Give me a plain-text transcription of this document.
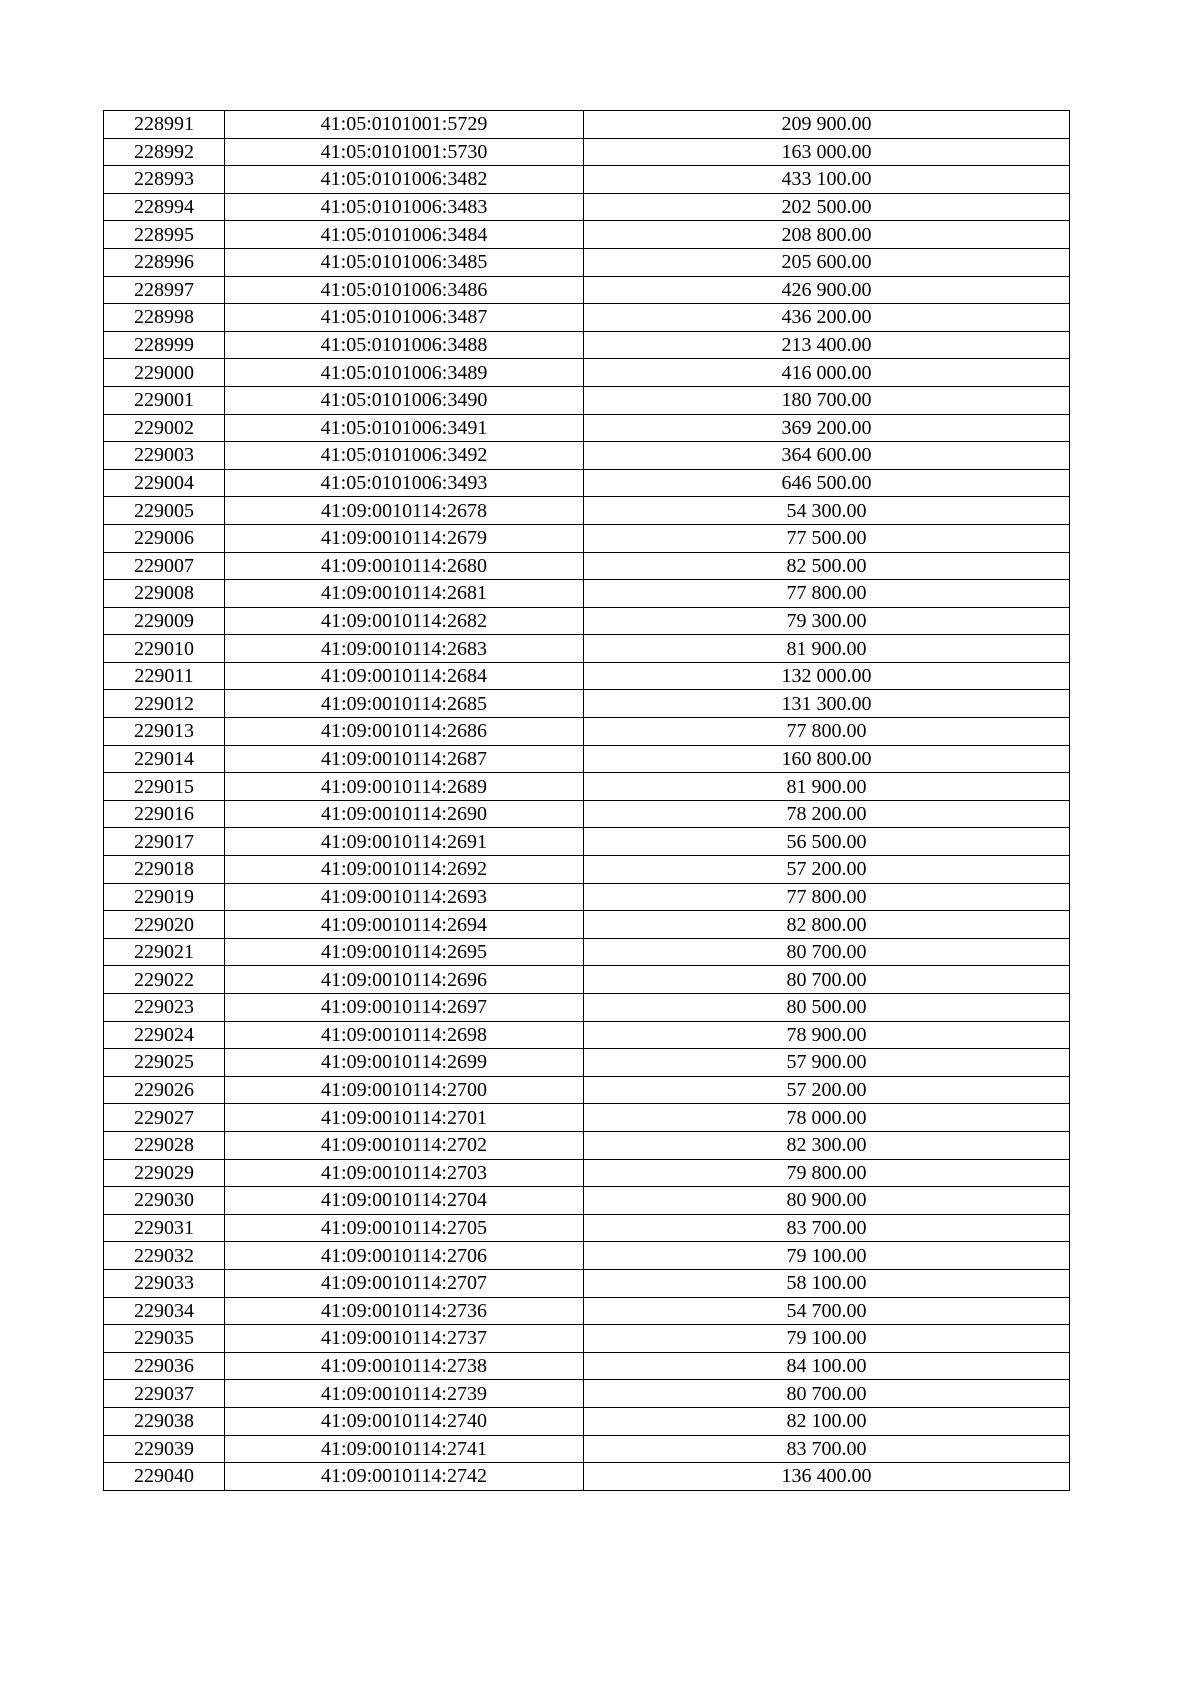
228991	41:05:0101001:5729	209 900.00
228992	41:05:0101001:5730	163 000.00
228993	41:05:0101006:3482	433 100.00
228994	41:05:0101006:3483	202 500.00
228995	41:05:0101006:3484	208 800.00
228996	41:05:0101006:3485	205 600.00
228997	41:05:0101006:3486	426 900.00
228998	41:05:0101006:3487	436 200.00
228999	41:05:0101006:3488	213 400.00
229000	41:05:0101006:3489	416 000.00
229001	41:05:0101006:3490	180 700.00
229002	41:05:0101006:3491	369 200.00
229003	41:05:0101006:3492	364 600.00
229004	41:05:0101006:3493	646 500.00
229005	41:09:0010114:2678	54 300.00
229006	41:09:0010114:2679	77 500.00
229007	41:09:0010114:2680	82 500.00
229008	41:09:0010114:2681	77 800.00
229009	41:09:0010114:2682	79 300.00
229010	41:09:0010114:2683	81 900.00
229011	41:09:0010114:2684	132 000.00
229012	41:09:0010114:2685	131 300.00
229013	41:09:0010114:2686	77 800.00
229014	41:09:0010114:2687	160 800.00
229015	41:09:0010114:2689	81 900.00
229016	41:09:0010114:2690	78 200.00
229017	41:09:0010114:2691	56 500.00
229018	41:09:0010114:2692	57 200.00
229019	41:09:0010114:2693	77 800.00
229020	41:09:0010114:2694	82 800.00
229021	41:09:0010114:2695	80 700.00
229022	41:09:0010114:2696	80 700.00
229023	41:09:0010114:2697	80 500.00
229024	41:09:0010114:2698	78 900.00
229025	41:09:0010114:2699	57 900.00
229026	41:09:0010114:2700	57 200.00
229027	41:09:0010114:2701	78 000.00
229028	41:09:0010114:2702	82 300.00
229029	41:09:0010114:2703	79 800.00
229030	41:09:0010114:2704	80 900.00
229031	41:09:0010114:2705	83 700.00
229032	41:09:0010114:2706	79 100.00
229033	41:09:0010114:2707	58 100.00
229034	41:09:0010114:2736	54 700.00
229035	41:09:0010114:2737	79 100.00
229036	41:09:0010114:2738	84 100.00
229037	41:09:0010114:2739	80 700.00
229038	41:09:0010114:2740	82 100.00
229039	41:09:0010114:2741	83 700.00
229040	41:09:0010114:2742	136 400.00
